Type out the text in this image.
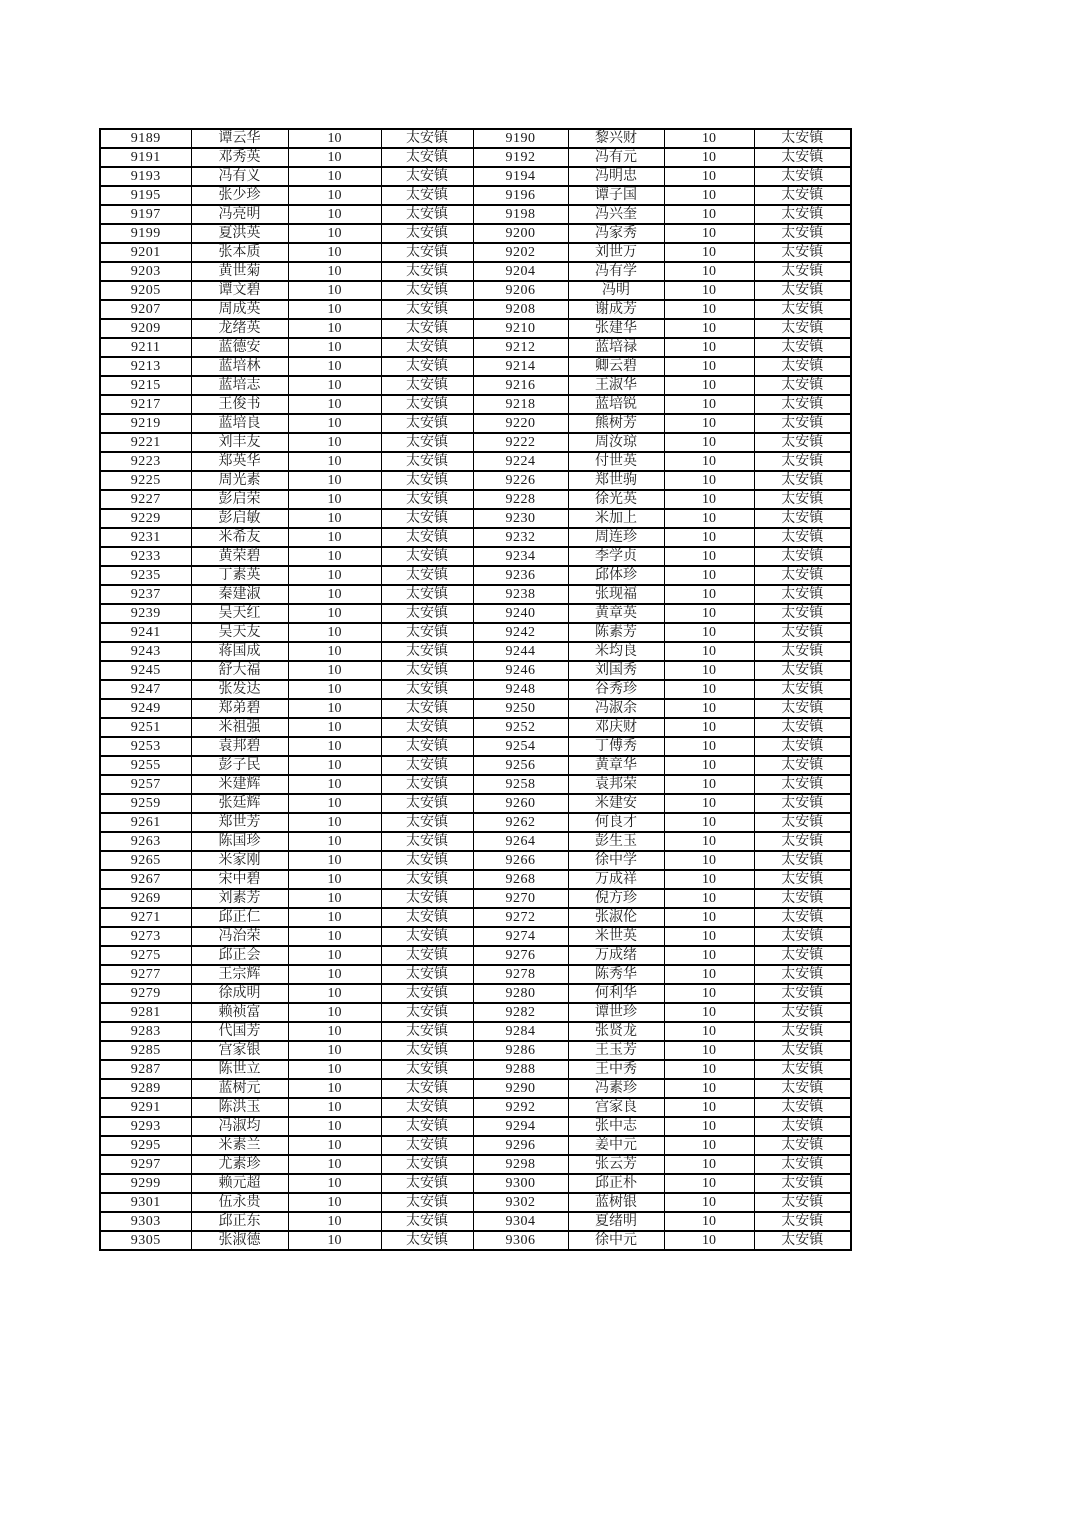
9189	谭云华	10	太安镇	9190	黎兴财	10	太安镇
9191	邓秀英	10	太安镇	9192	冯有元	10	太安镇
9193	冯有义	10	太安镇	9194	冯明忠	10	太安镇
9195	张少珍	10	太安镇	9196	谭子国	10	太安镇
9197	冯亮明	10	太安镇	9198	冯兴奎	10	太安镇
9199	夏洪英	10	太安镇	9200	冯家秀	10	太安镇
9201	张本质	10	太安镇	9202	刘世万	10	太安镇
9203	黄世菊	10	太安镇	9204	冯有学	10	太安镇
9205	谭文碧	10	太安镇	9206	冯明	10	太安镇
9207	周成英	10	太安镇	9208	谢成芳	10	太安镇
9209	龙绪英	10	太安镇	9210	张建华	10	太安镇
9211	蓝德安	10	太安镇	9212	蓝培禄	10	太安镇
9213	蓝培林	10	太安镇	9214	卿云碧	10	太安镇
9215	蓝培志	10	太安镇	9216	王淑华	10	太安镇
9217	王俊书	10	太安镇	9218	蓝培锐	10	太安镇
9219	蓝培良	10	太安镇	9220	熊树芳	10	太安镇
9221	刘丰友	10	太安镇	9222	周汝琼	10	太安镇
9223	郑英华	10	太安镇	9224	付世英	10	太安镇
9225	周光素	10	太安镇	9226	郑世驹	10	太安镇
9227	彭启荣	10	太安镇	9228	徐光英	10	太安镇
9229	彭启敏	10	太安镇	9230	米加上	10	太安镇
9231	米希友	10	太安镇	9232	周连珍	10	太安镇
9233	黄荣碧	10	太安镇	9234	李学贞	10	太安镇
9235	丁素英	10	太安镇	9236	邱体珍	10	太安镇
9237	秦建淑	10	太安镇	9238	张现福	10	太安镇
9239	吴天红	10	太安镇	9240	黄章英	10	太安镇
9241	吴天友	10	太安镇	9242	陈素芳	10	太安镇
9243	蒋国成	10	太安镇	9244	米均良	10	太安镇
9245	舒大福	10	太安镇	9246	刘国秀	10	太安镇
9247	张发达	10	太安镇	9248	谷秀珍	10	太安镇
9249	郑弟碧	10	太安镇	9250	冯淑余	10	太安镇
9251	米祖强	10	太安镇	9252	邓庆财	10	太安镇
9253	袁邦碧	10	太安镇	9254	丁傅秀	10	太安镇
9255	彭子民	10	太安镇	9256	黄章华	10	太安镇
9257	米建辉	10	太安镇	9258	袁邦荣	10	太安镇
9259	张廷辉	10	太安镇	9260	米建安	10	太安镇
9261	郑世芳	10	太安镇	9262	何良才	10	太安镇
9263	陈国珍	10	太安镇	9264	彭生玉	10	太安镇
9265	米家刚	10	太安镇	9266	徐中学	10	太安镇
9267	宋中碧	10	太安镇	9268	万成祥	10	太安镇
9269	刘素芳	10	太安镇	9270	倪方珍	10	太安镇
9271	邱正仁	10	太安镇	9272	张淑伦	10	太安镇
9273	冯治荣	10	太安镇	9274	米世英	10	太安镇
9275	邱正会	10	太安镇	9276	万成绪	10	太安镇
9277	王宗辉	10	太安镇	9278	陈秀华	10	太安镇
9279	徐成明	10	太安镇	9280	何利华	10	太安镇
9281	赖祯富	10	太安镇	9282	谭世珍	10	太安镇
9283	代国芳	10	太安镇	9284	张贤龙	10	太安镇
9285	宫家银	10	太安镇	9286	王玉芳	10	太安镇
9287	陈世立	10	太安镇	9288	王中秀	10	太安镇
9289	蓝树元	10	太安镇	9290	冯素珍	10	太安镇
9291	陈洪玉	10	太安镇	9292	宫家良	10	太安镇
9293	冯淑均	10	太安镇	9294	张中志	10	太安镇
9295	米素兰	10	太安镇	9296	姜中元	10	太安镇
9297	尤素珍	10	太安镇	9298	张云芳	10	太安镇
9299	赖元超	10	太安镇	9300	邱正朴	10	太安镇
9301	伍永贵	10	太安镇	9302	蓝树银	10	太安镇
9303	邱正东	10	太安镇	9304	夏绪明	10	太安镇
9305	张淑德	10	太安镇	9306	徐中元	10	太安镇
